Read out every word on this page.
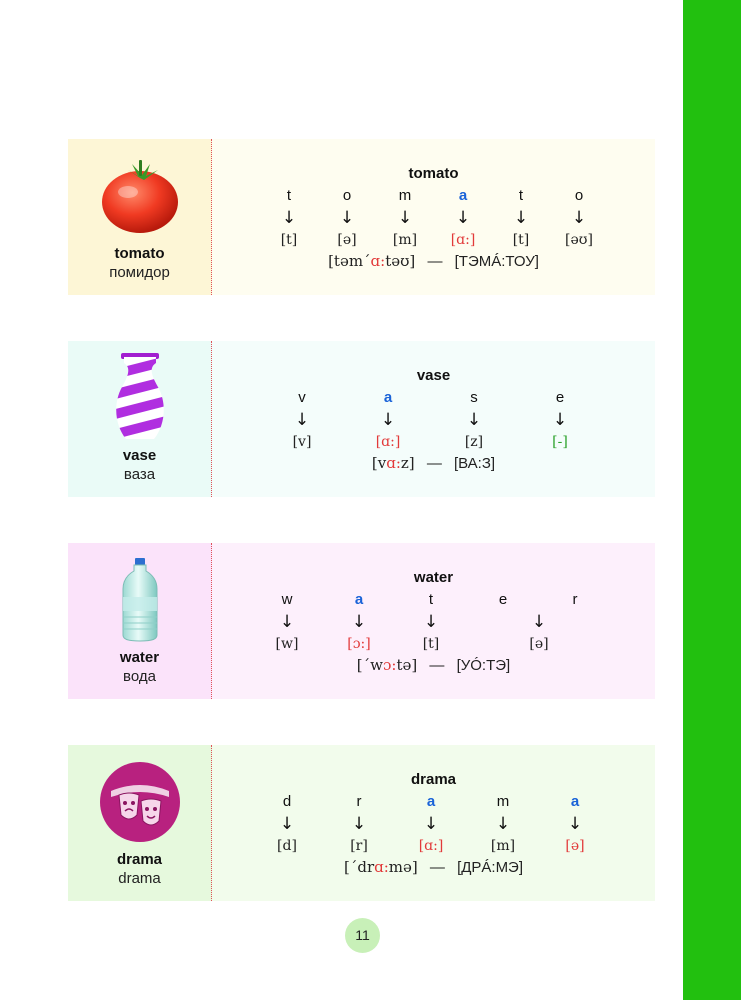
tomato
помидор
tomato
t
↓
[t]
o
↓
[ə]
m
↓
[m]
a
↓
[ɑ:]
t
↓
[t]
o
↓
[əʊ]
[təm´ɑ:təʊ] — [ТЭМÁ:ТОУ]
vase
ваза
vase
v
↓
[v]
a
↓
[ɑ:]
s
↓
[z]
e
↓
[-]
[vɑ:z] — [ВА:З]
water
вода
water
w
↓
[w]
a
↓
[ɔ:]
t
↓
[t]
e	r
↓
[ə]
[´wɔ:tə] — [УÓ:ТЭ]
drama
drama
drama
d
↓
[d]
r
↓
[r]
a
↓
[ɑ:]
m
↓
[m]
a
↓
[ə]
[´drɑ:mə] — [ДРÁ:МЭ]
11
